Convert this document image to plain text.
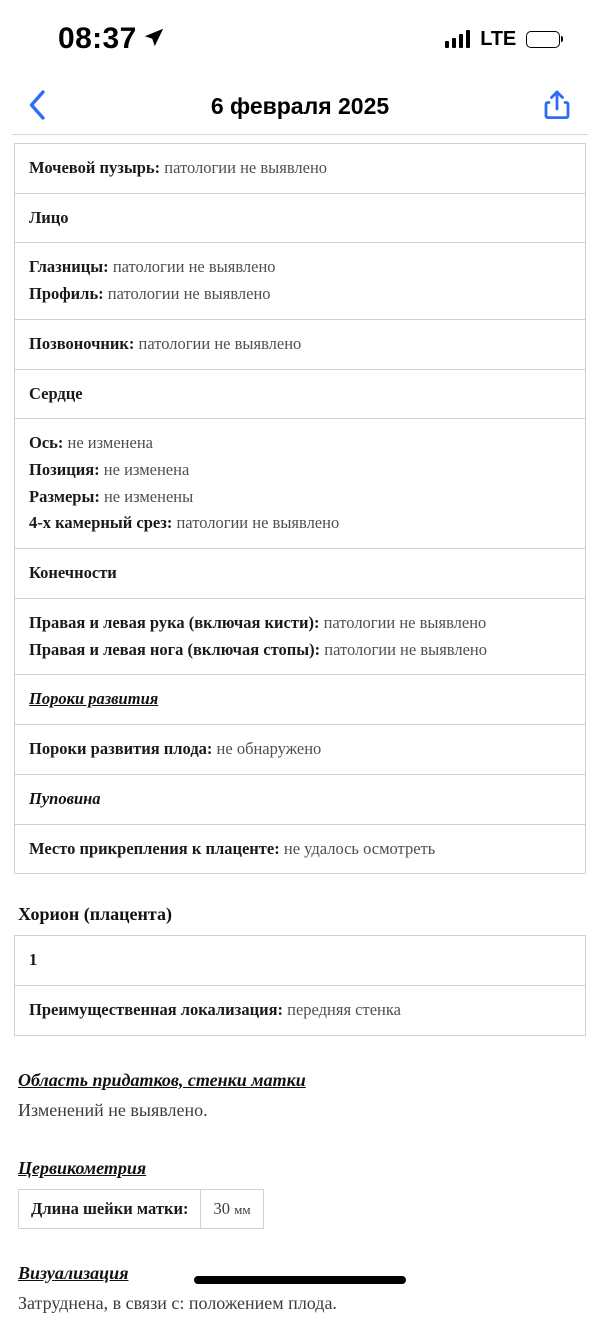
08:37	LTE
6 февраля 2025
Мочевой пузырь: патологии не выявлено
Лицо

Глазницы: патологии не выявлено
Профиль: патологии не выявлено

Позвоночник: патологии не выявлено
Сердце

Ось: не изменена
Позиция: не изменена
Размеры: не изменены
4-х камерный срез: патологии не выявлено

Конечности

Правая и левая рука (включая кисти): патологии не выявлено
Правая и левая нога (включая стопы): патологии не выявлено

Пороки развития
Пороки развития плода: не обнаружено
Пуповина
Место прикрепления к плаценте: не удалось осмотреть
Хорион (плацента)
1
Преимущественная локализация: передняя стенка
Область придатков, стенки матки

Изменений не выявлено.

Цервикометрия
Длина шейки матки:	30 мм
Визуализация

Затруднена, в связи с: положением плода.
